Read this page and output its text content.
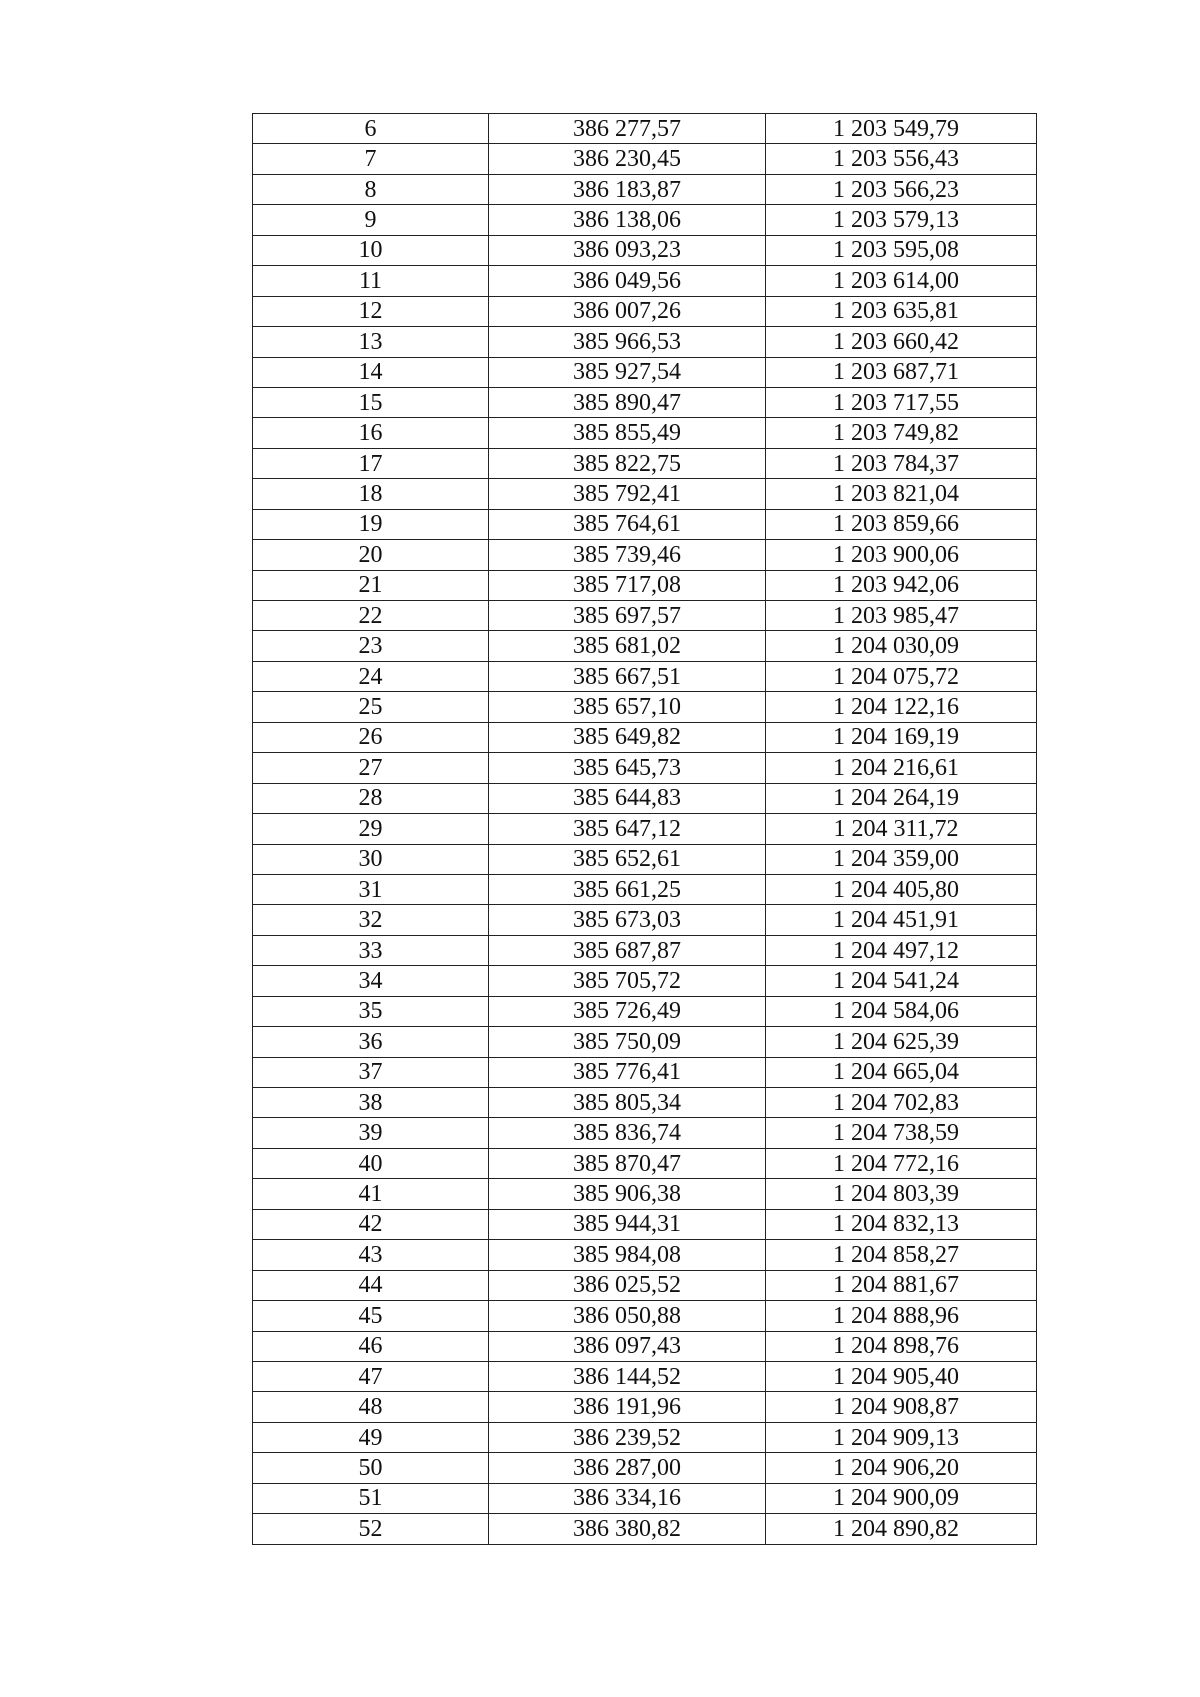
6	386 277,57	1 203 549,79
7	386 230,45	1 203 556,43
8	386 183,87	1 203 566,23
9	386 138,06	1 203 579,13
10	386 093,23	1 203 595,08
11	386 049,56	1 203 614,00
12	386 007,26	1 203 635,81
13	385 966,53	1 203 660,42
14	385 927,54	1 203 687,71
15	385 890,47	1 203 717,55
16	385 855,49	1 203 749,82
17	385 822,75	1 203 784,37
18	385 792,41	1 203 821,04
19	385 764,61	1 203 859,66
20	385 739,46	1 203 900,06
21	385 717,08	1 203 942,06
22	385 697,57	1 203 985,47
23	385 681,02	1 204 030,09
24	385 667,51	1 204 075,72
25	385 657,10	1 204 122,16
26	385 649,82	1 204 169,19
27	385 645,73	1 204 216,61
28	385 644,83	1 204 264,19
29	385 647,12	1 204 311,72
30	385 652,61	1 204 359,00
31	385 661,25	1 204 405,80
32	385 673,03	1 204 451,91
33	385 687,87	1 204 497,12
34	385 705,72	1 204 541,24
35	385 726,49	1 204 584,06
36	385 750,09	1 204 625,39
37	385 776,41	1 204 665,04
38	385 805,34	1 204 702,83
39	385 836,74	1 204 738,59
40	385 870,47	1 204 772,16
41	385 906,38	1 204 803,39
42	385 944,31	1 204 832,13
43	385 984,08	1 204 858,27
44	386 025,52	1 204 881,67
45	386 050,88	1 204 888,96
46	386 097,43	1 204 898,76
47	386 144,52	1 204 905,40
48	386 191,96	1 204 908,87
49	386 239,52	1 204 909,13
50	386 287,00	1 204 906,20
51	386 334,16	1 204 900,09
52	386 380,82	1 204 890,82
